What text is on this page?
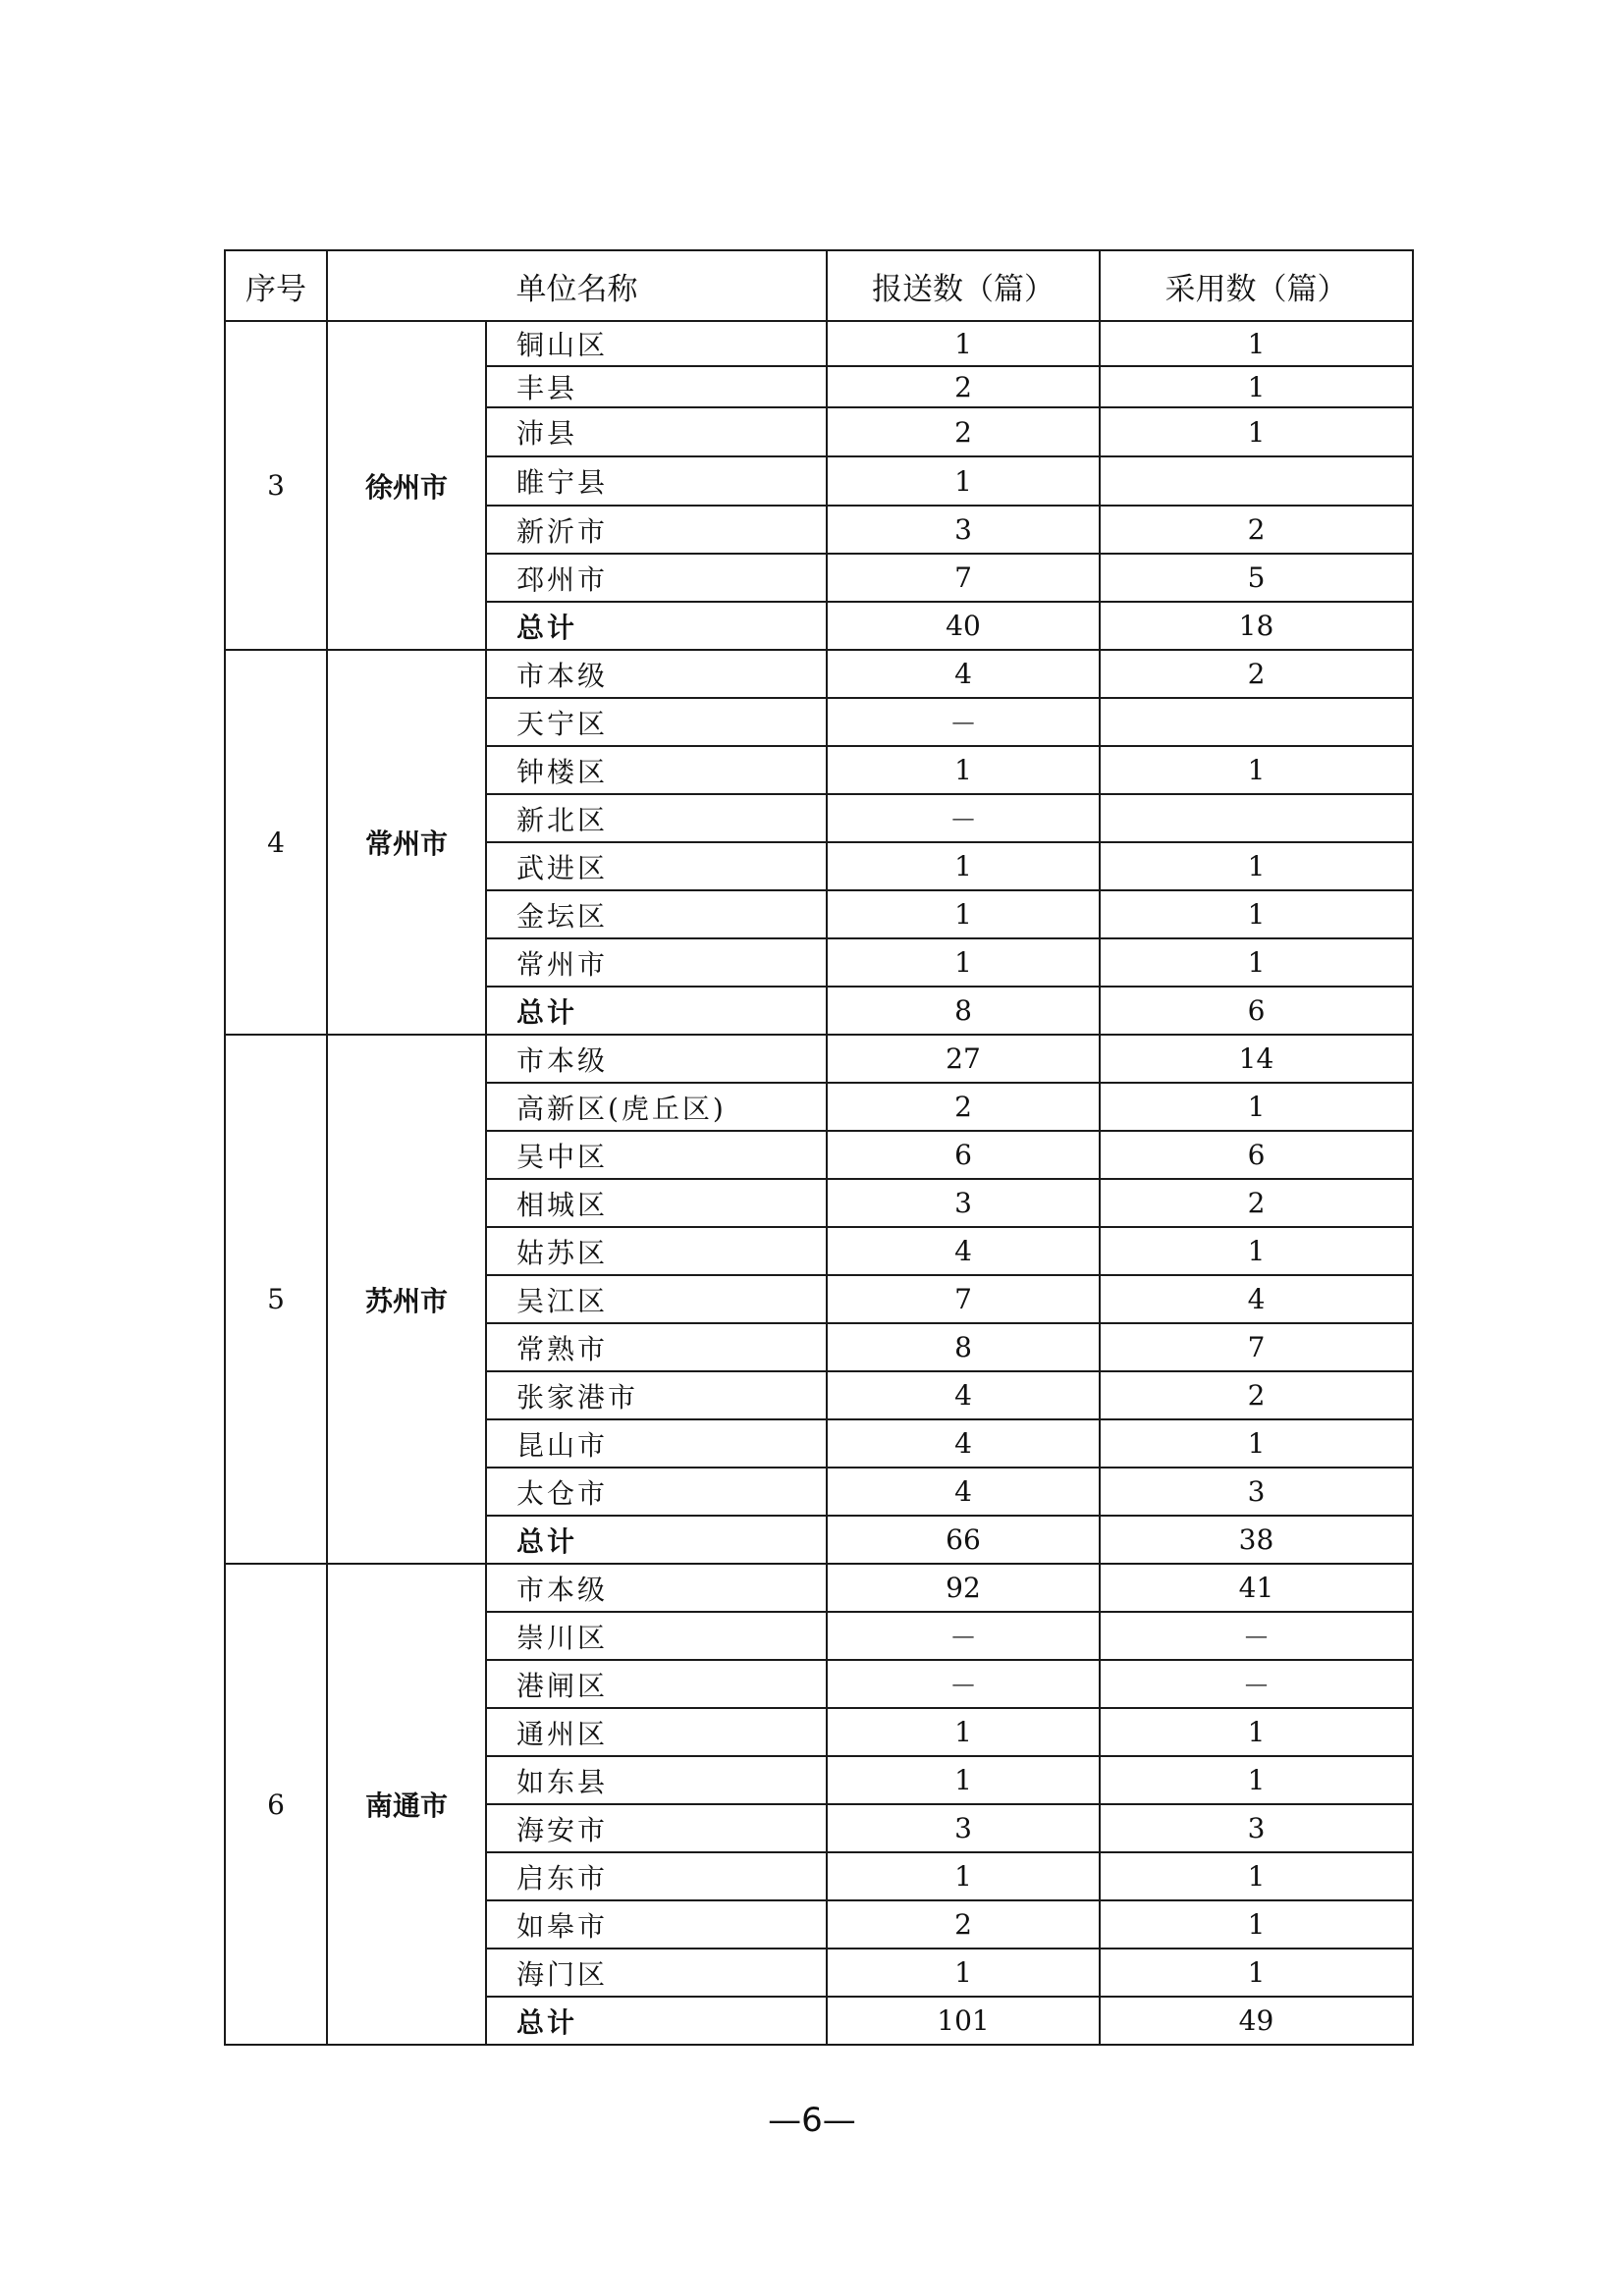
序号	单位名称		报送数（篇）	采用数（篇）
3	徐州市	铜山区	1	1
		丰县	2	1
		沛县	2	1
		睢宁县	1	
		新沂市	3	2
		邳州市	7	5
		总计	40	18
4	常州市	市本级	4	2
		天宁区	－	
		钟楼区	1	1
		新北区	－	
		武进区	1	1
		金坛区	1	1
		常州市	1	1
		总计	8	6
5	苏州市	市本级	27	14
		高新区(虎丘区)	2	1
		吴中区	6	6
		相城区	3	2
		姑苏区	4	1
		吴江区	7	4
		常熟市	8	7
		张家港市	4	2
		昆山市	4	1
		太仓市	4	3
		总计	66	38
6	南通市	市本级	92	41
		崇川区	－	－
		港闸区	－	－
		通州区	1	1
		如东县	1	1
		海安市	3	3
		启东市	1	1
		如皋市	2	1
		海门区	1	1
		总计	101	49
—6—
